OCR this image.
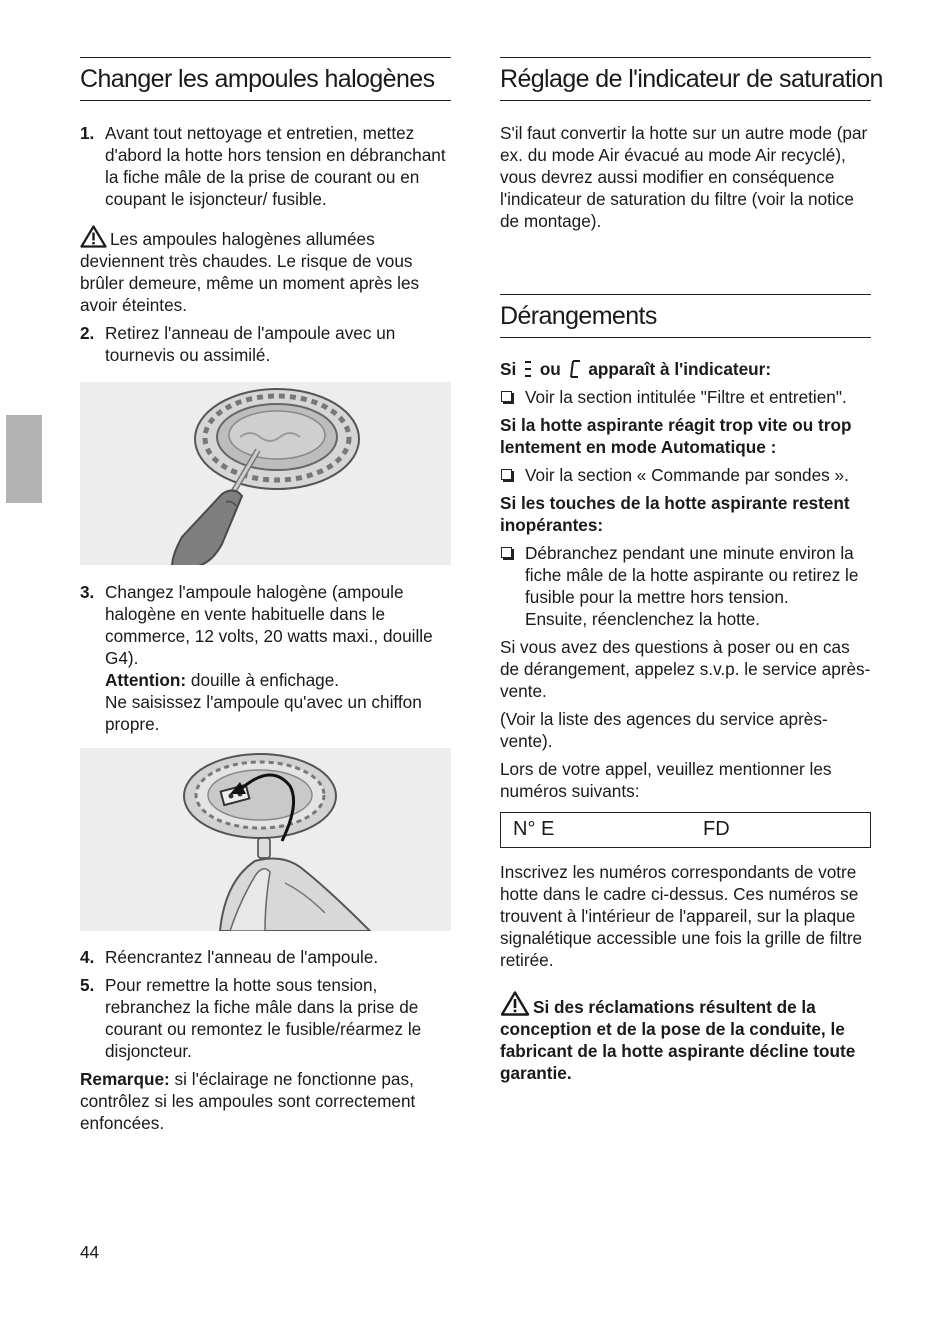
Changer les ampoules halogènes
1. Avant tout nettoyage et entretien, mettez d'abord la hotte hors tension en débranchant la fiche mâle de la prise de courant ou en coupant le isjoncteur/ fusible.

Les ampoules halogènes allumées deviennent très chaudes. Le risque de vous brûler demeure, même un moment après les avoir éteintes.

2. Retirez l'anneau de l'ampoule avec un tournevis ou assimilé.
3. Changez l'ampoule halogène (ampoule halogène en vente habituelle dans le commerce, 12 volts, 20 watts maxi., douille G4).
Attention: douille à enfichage.
Ne saisissez l'ampoule qu'avec un chiffon propre.
4. Réencrantez l'anneau de l'ampoule.
5. Pour remettre la hotte sous tension, rebranchez la fiche mâle dans la prise de courant ou remontez le fusible/réarmez le disjoncteur.

Remarque: si l'éclairage ne fonctionne pas, contrôlez si les ampoules sont correctement enfoncées.

Réglage de l'indicateur de saturation

S'il faut convertir la hotte sur un autre mode (par ex. du mode Air évacué au mode Air recyclé), vous devrez aussi modifier en conséquence l'indicateur de saturation du filtre (voir la notice de montage).

Dérangements

Si ou apparaît à l'indicateur:

Voir la section intitulée "Filtre et entretien".

Si la hotte aspirante réagit trop vite ou trop lentement en mode Automatique :

Voir la section « Commande par sondes ».

Si les touches de la hotte aspirante restent inopérantes:

Débranchez pendant une minute environ la fiche mâle de la hotte aspirante ou retirez le fusible pour la mettre hors tension.
Ensuite, réenclenchez la hotte.

Si vous avez des questions à poser ou en cas de dérangement, appelez s.v.p. le service après-vente.

(Voir la liste des agences du service après-vente).

Lors de votre appel, veuillez mentionner les numéros suivants:

N° E	FD

Inscrivez les numéros correspondants de votre hotte dans le cadre ci-dessus. Ces numéros se trouvent à l'intérieur de l'appareil, sur la plaque signalétique accessible une fois la grille de filtre retirée.

Si des réclamations résultent de la conception et de la pose de la conduite, le fabricant de la hotte aspirante décline toute garantie.

44
